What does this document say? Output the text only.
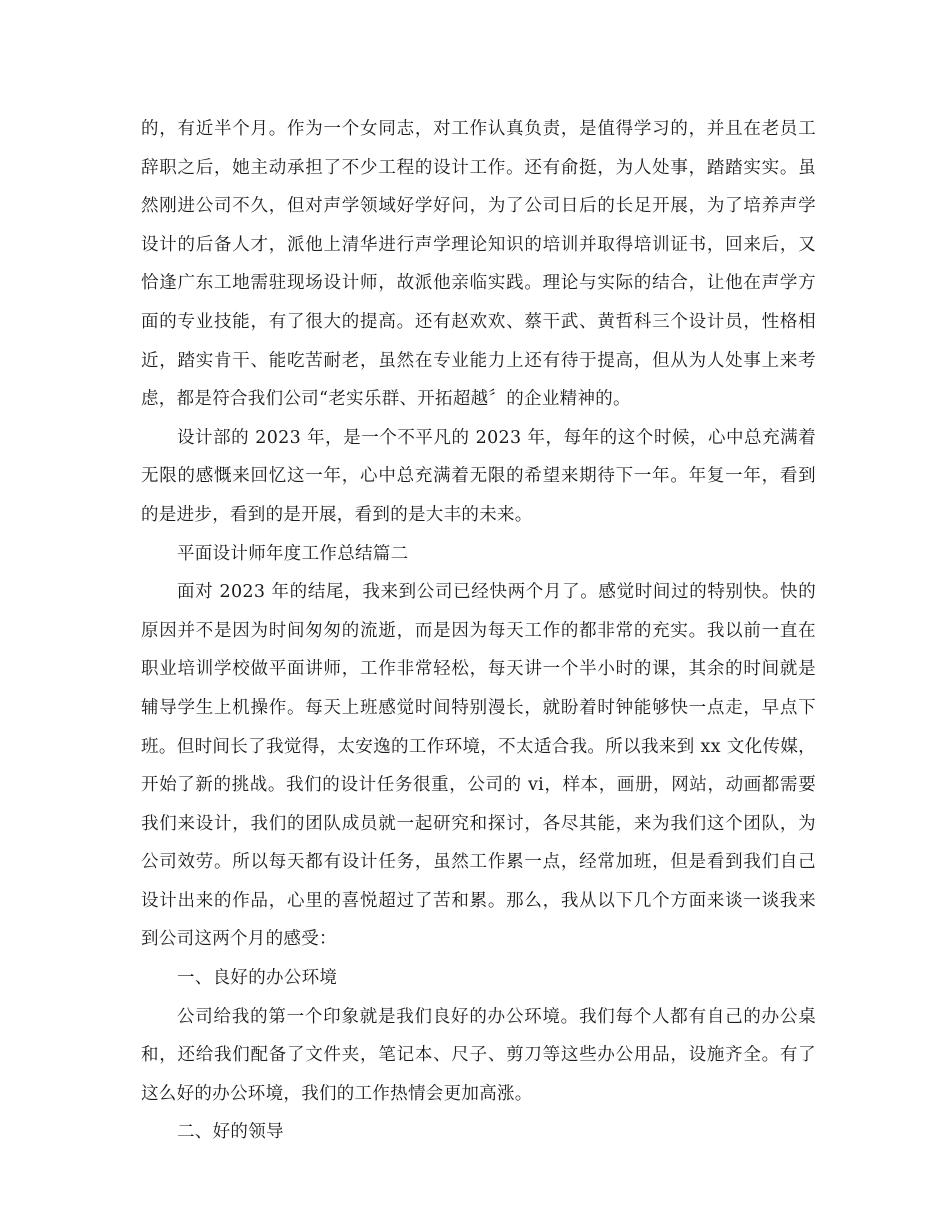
的，有近半个月。作为一个女同志，对工作认真负责，是值得学习的，并且在老员工辞职之后，她主动承担了不少工程的设计工作。还有俞挺，为人处事，踏踏实实。虽然刚进公司不久，但对声学领域好学好问，为了公司日后的长足开展，为了培养声学设计的后备人才，派他上清华进行声学理论知识的培训并取得培训证书，回来后，又恰逢广东工地需驻现场设计师，故派他亲临实践。理论与实际的结合，让他在声学方面的专业技能，有了很大的提高。还有赵欢欢、蔡干武、黄哲科三个设计员，性格相近，踏实肯干、能吃苦耐老，虽然在专业能力上还有待于提高，但从为人处事上来考虑，都是符合我们公司“老实乐群、开拓超越〞的企业精神的。

设计部的 2023 年，是一个不平凡的 2023 年，每年的这个时候，心中总充满着无限的感慨来回忆这一年，心中总充满着无限的希望来期待下一年。年复一年，看到的是进步，看到的是开展，看到的是大丰的未来。

平面设计师年度工作总结篇二

面对 2023 年的结尾，我来到公司已经快两个月了。感觉时间过的特别快。快的原因并不是因为时间匆匆的流逝，而是因为每天工作的都非常的充实。我以前一直在职业培训学校做平面讲师，工作非常轻松，每天讲一个半小时的课，其余的时间就是辅导学生上机操作。每天上班感觉时间特别漫长，就盼着时钟能够快一点走，早点下班。但时间长了我觉得，太安逸的工作环境，不太适合我。所以我来到 xx 文化传媒，开始了新的挑战。我们的设计任务很重，公司的 vi，样本，画册，网站，动画都需要我们来设计，我们的团队成员就一起研究和探讨，各尽其能，来为我们这个团队，为公司效劳。所以每天都有设计任务，虽然工作累一点，经常加班，但是看到我们自己设计出来的作品，心里的喜悦超过了苦和累。那么，我从以下几个方面来谈一谈我来到公司这两个月的感受：

一、良好的办公环境

公司给我的第一个印象就是我们良好的办公环境。我们每个人都有自己的办公桌和，还给我们配备了文件夹，笔记本、尺子、剪刀等这些办公用品，设施齐全。有了这么好的办公环境，我们的工作热情会更加高涨。

二、好的领导
